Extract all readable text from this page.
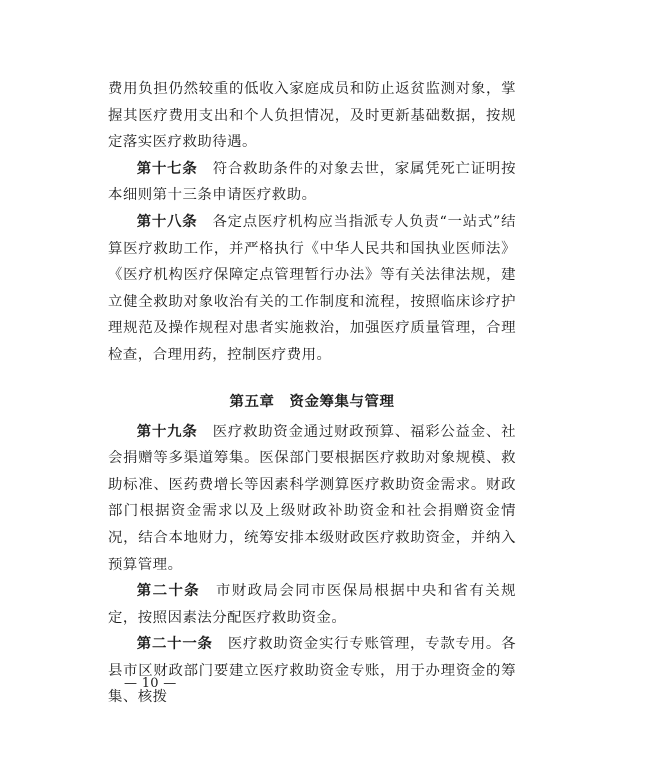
费用负担仍然较重的低收入家庭成员和防止返贫监测对象，掌握其医疗费用支出和个人负担情况，及时更新基础数据，按规定落实医疗救助待遇。

第十七条　 符合救助条件的对象去世，家属凭死亡证明按本细则第十三条申请医疗救助。

第十八条　 各定点医疗机构应当指派专人负责“一站式”结算医疗救助工作，并严格执行《中华人民共和国执业医师法》《医疗机构医疗保障定点管理暂行办法》等有关法律法规，建立健全救助对象收治有关的工作制度和流程，按照临床诊疗护理规范及操作规程对患者实施救治，加强医疗质量管理，合理检查，合理用药，控制医疗费用。

第五章　资金筹集与管理

第十九条　 医疗救助资金通过财政预算、福彩公益金、社会捐赠等多渠道筹集。医保部门要根据医疗救助对象规模、救助标准、医药费增长等因素科学测算医疗救助资金需求。财政部门根据资金需求以及上级财政补助资金和社会捐赠资金情况，结合本地财力，统筹安排本级财政医疗救助资金，并纳入预算管理。

第二十条　 市财政局会同市医保局根据中央和省有关规定，按照因素法分配医疗救助资金。

第二十一条　 医疗救助资金实行专账管理，专款专用。各县市区财政部门要建立医疗救助资金专账，用于办理资金的筹集、核拨

— 10 —
